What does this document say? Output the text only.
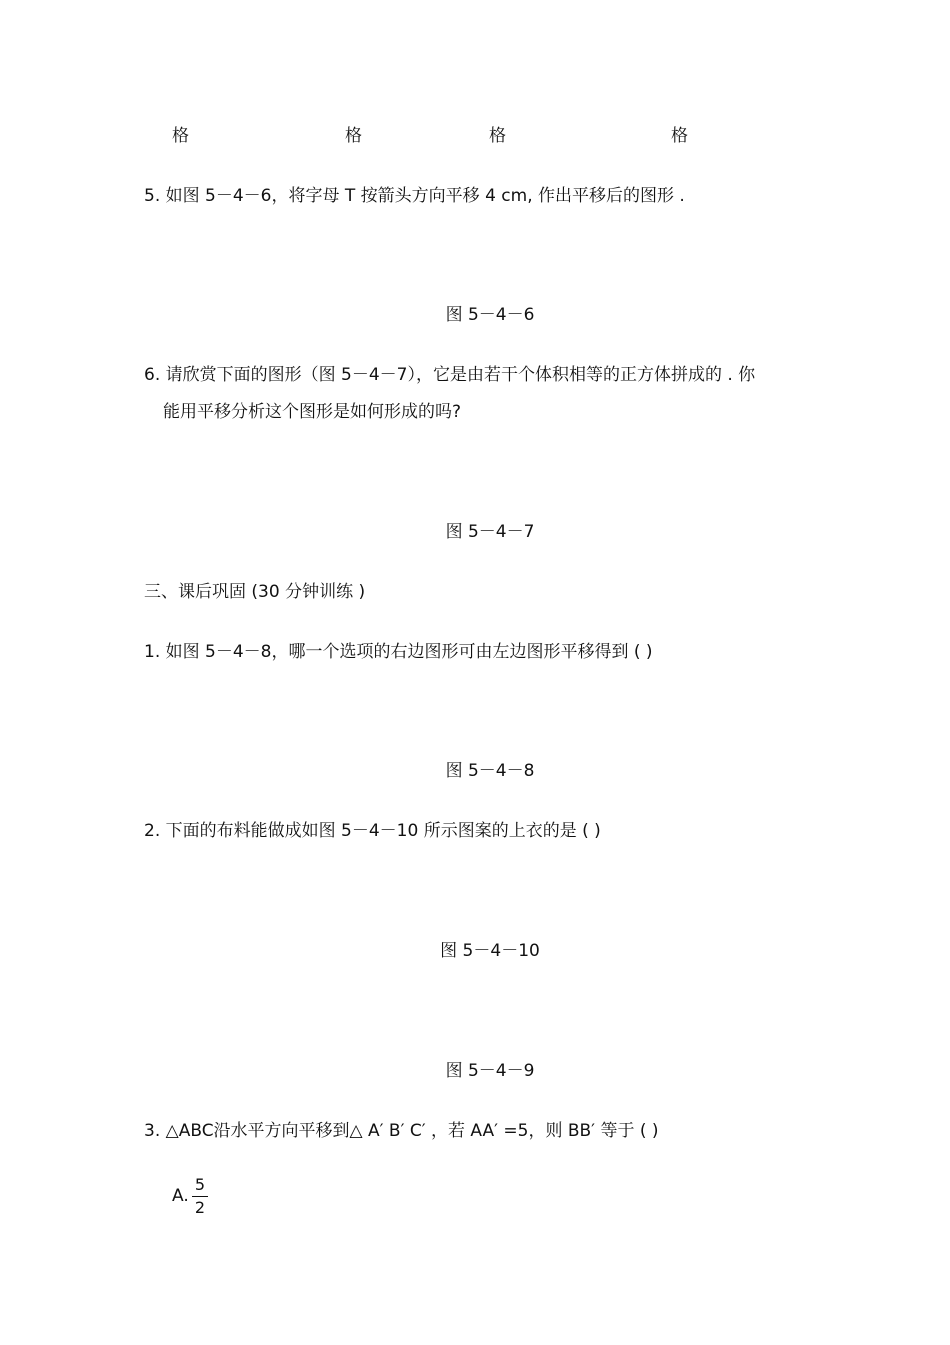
格	格	格	格
5. 如图 5－4－6，将字母 T 按箭头方向平移 4 cm, 作出平移后的图形 .
图 5－4－6
6. 请欣赏下面的图形（图 5－4－7），它是由若干个体积相等的正方体拼成的 . 你
能用平移分析这个图形是如何形成的吗?
图 5－4－7
三、课后巩固 (30 分钟训练 )
1. 如图 5－4－8，哪一个选项的右边图形可由左边图形平移得到 ( )
图 5－4－8
2. 下面的布料能做成如图 5－4－10 所示图案的上衣的是 ( )
图 5－4－10
图 5－4－9
3. △ABC沿水平方向平移到△ A′ B′ C′ ，若 AA′ =5，则 BB′ 等于 ( )
A.
5
2
